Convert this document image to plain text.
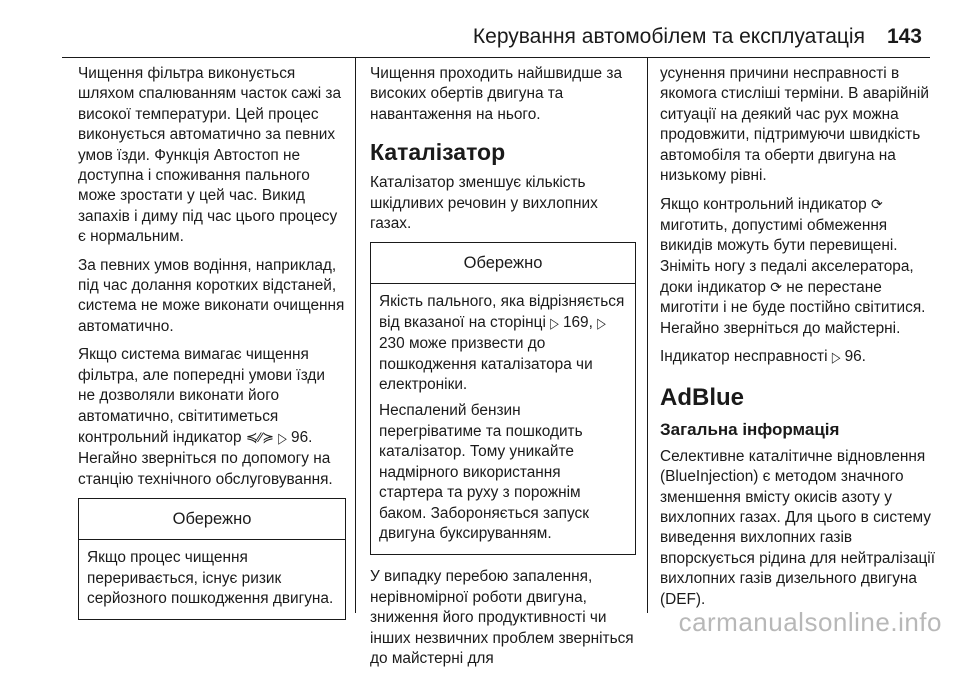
Керування автомобілем та експлуатація 143

Чищення фільтра виконується шляхом спалюванням часток сажі за високої температури. Цей процес виконується автоматично за певних умов їзди. Функція Автостоп не доступна і споживання пального може зростати у цей час. Викид запахів і диму під час цього процесу є нормальним.

За певних умов водіння, наприклад, під час долання коротких відстаней, система не може виконати очищення автоматично.

Якщо система вимагає чищення фільтра, але попередні умови їзди не дозволяли виконати його автоматично, світитиметься контрольний індикатор ≼⁄⁄≽ ▷ 96. Негайно зверніться по допомогу на станцію технічного обслуговування.

Обережно

Якщо процес чищення переривається, існує ризик серйозного пошкодження двигуна.

Чищення проходить найшвидше за високих обертів двигуна та навантаження на нього.

Каталізатор

Каталізатор зменшує кількість шкідливих речовин у вихлопних газах.

Обережно

Якість пального, яка відрізняється від вказаної на сторінці ▷ 169, ▷ 230 може призвести до пошкодження каталізатора чи електроніки.

Неспалений бензин перегріватиме та пошкодить каталізатор. Тому уникайте надмірного використання стартера та руху з порожнім баком. Забороняється запуск двигуна буксируванням.

У випадку перебою запалення, нерівномірної роботи двигуна, зниження його продуктивності чи інших незвичних проблем зверніться до майстерні для

усунення причини несправності в якомога стисліші терміни. В аварійній ситуації на деякий час рух можна продовжити, підтримуючи швидкість автомобіля та оберти двигуна на низькому рівні.

Якщо контрольний індикатор ⟳ миготить, допустимі обмеження викидів можуть бути перевищені. Зніміть ногу з педалі акселератора, доки індикатор ⟳ не перестане миготіти і не буде постійно світитися. Негайно зверніться до майстерні.

Індикатор несправності ▷ 96.

AdBlue
Загальна інформація

Селективне каталітичне відновлення (BlueInjection) є методом значного зменшення вмісту окисів азоту у вихлопних газах. Для цього в систему виведення вихлопних газів впорскується рідина для нейтралізації вихлопних газів дизельного двигуна (DEF).

carmanualsonline.info
